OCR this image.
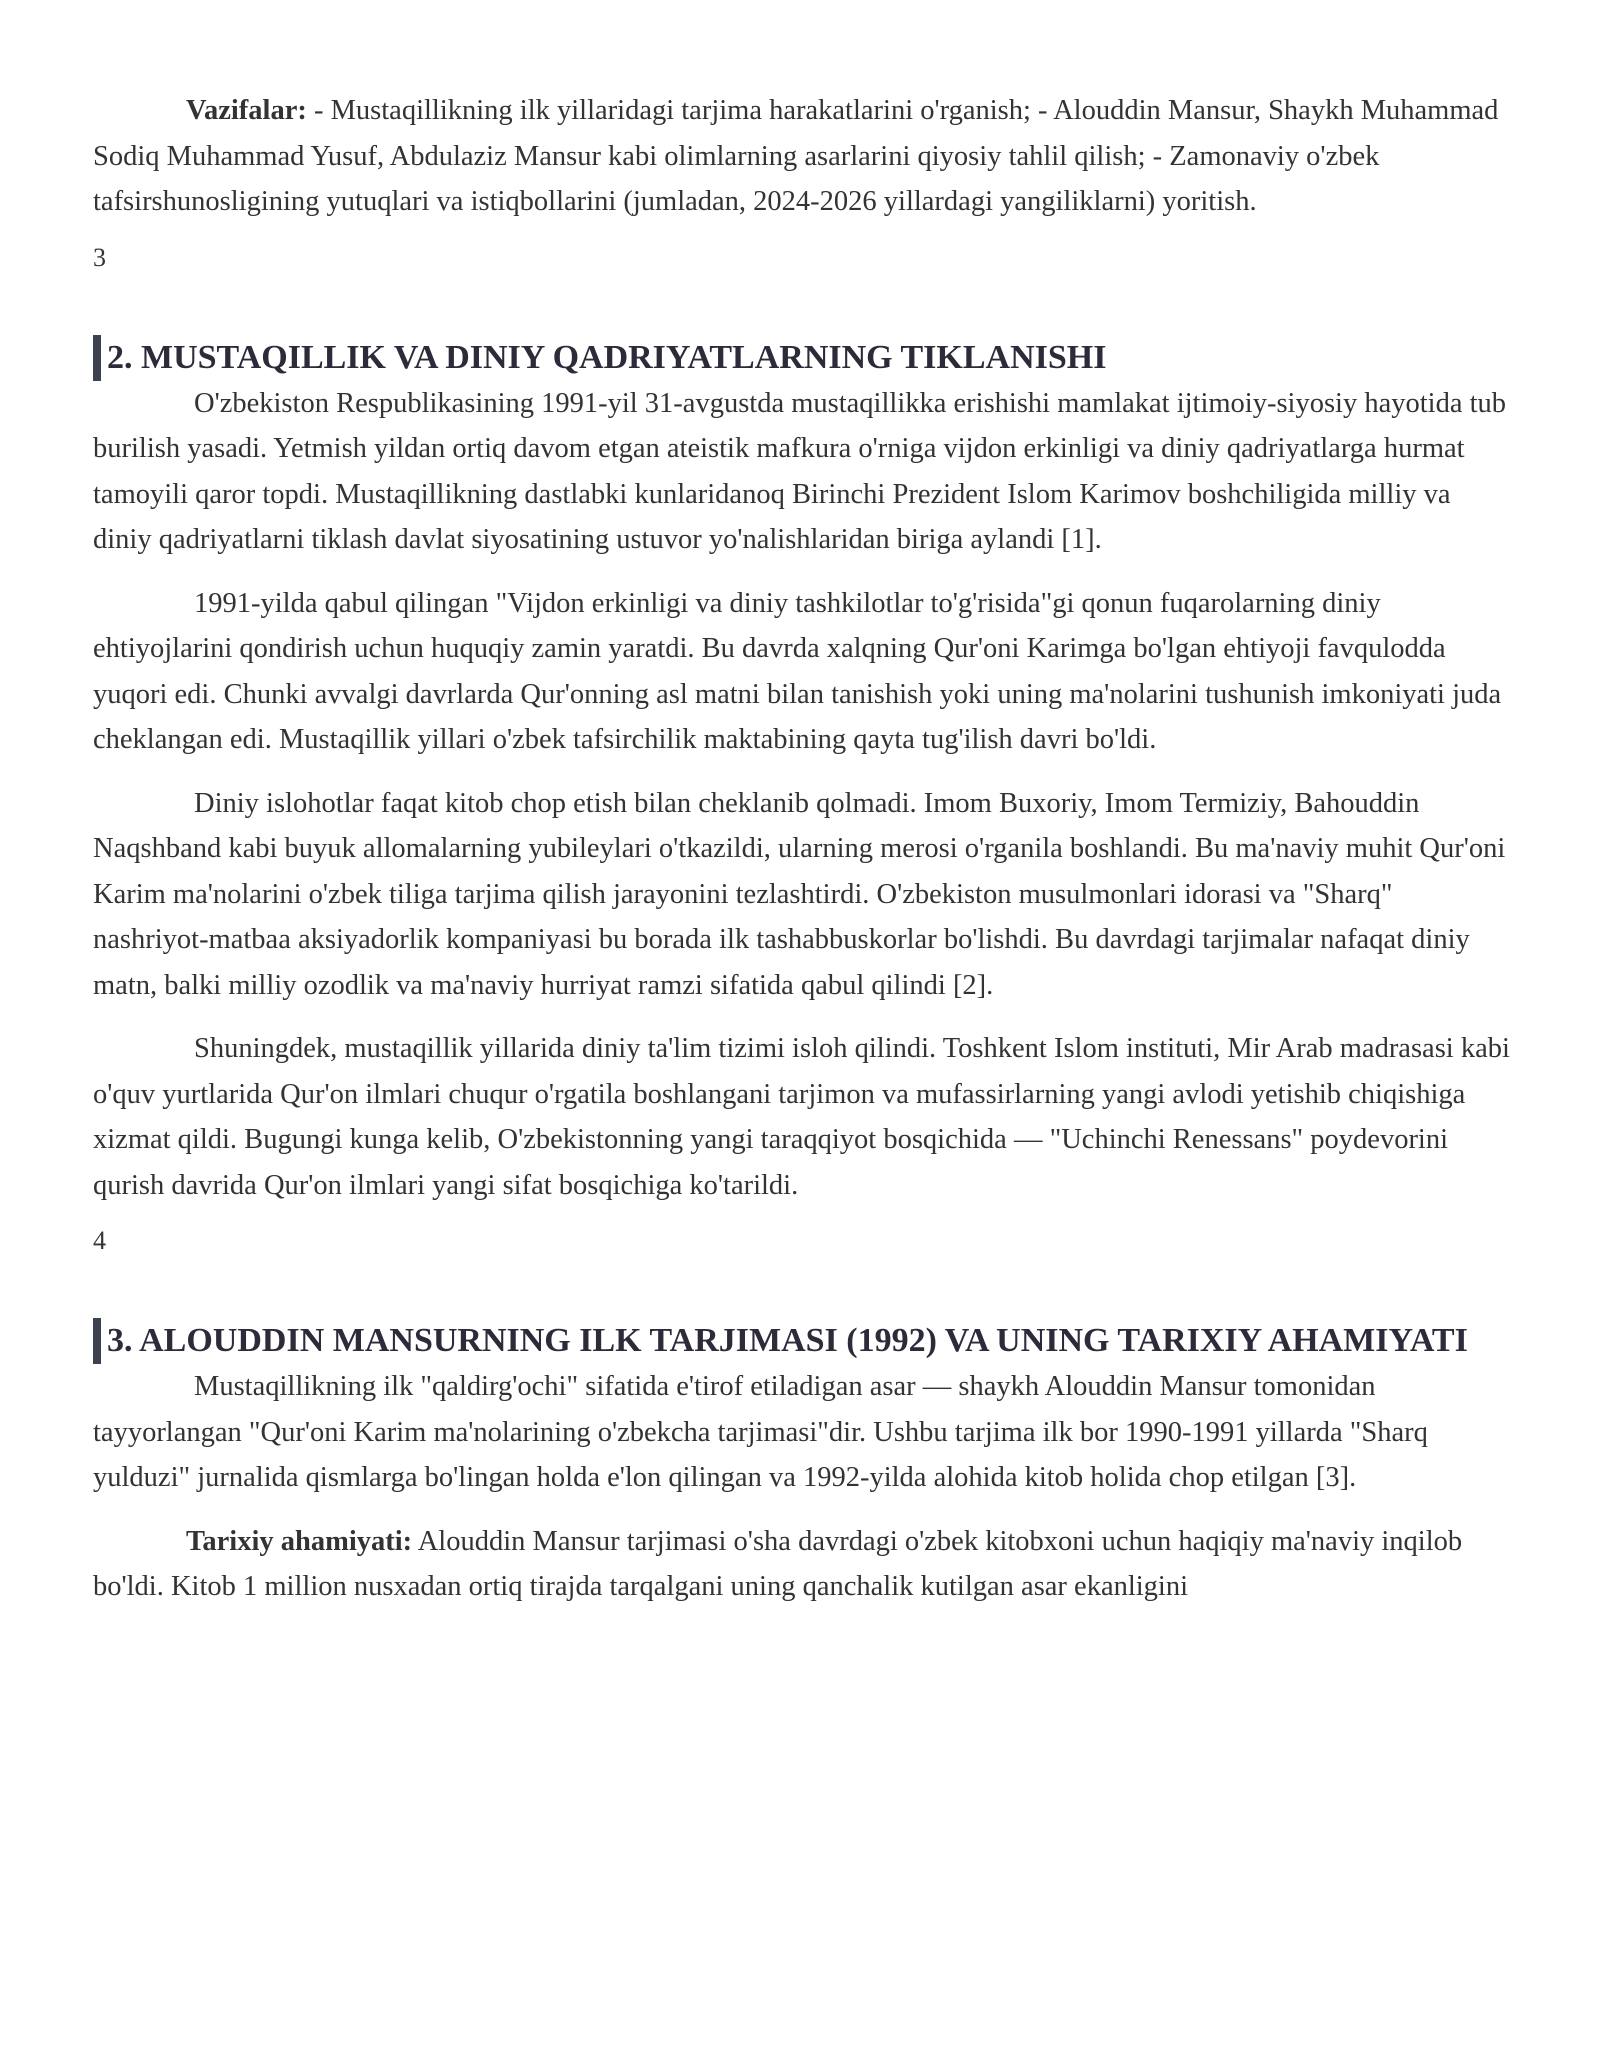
Vazifalar: - Mustaqillikning ilk yillaridagi tarjima harakatlarini o'rganish; - Alouddin Mansur, Shaykh Muhammad Sodiq Muhammad Yusuf, Abdulaziz Mansur kabi olimlarning asarlarini qiyosiy tahlil qilish; - Zamonaviy o'zbek tafsirshunosligining yutuqlari va istiqbollarini (jumladan, 2024-2026 yillardagi yangiliklarni) yoritish.

3
2. MUSTAQILLIK VA DINIY QADRIYATLARNING TIKLANISHI

O'zbekiston Respublikasining 1991-yil 31-avgustda mustaqillikka erishishi mamlakat ijtimoiy-siyosiy hayotida tub burilish yasadi. Yetmish yildan ortiq davom etgan ateistik mafkura o'rniga vijdon erkinligi va diniy qadriyatlarga hurmat tamoyili qaror topdi. Mustaqillikning dastlabki kunlaridanoq Birinchi Prezident Islom Karimov boshchiligida milliy va diniy qadriyatlarni tiklash davlat siyosatining ustuvor yo'nalishlaridan biriga aylandi [1].

1991-yilda qabul qilingan "Vijdon erkinligi va diniy tashkilotlar to'g'risida"gi qonun fuqarolarning diniy ehtiyojlarini qondirish uchun huquqiy zamin yaratdi. Bu davrda xalqning Qur'oni Karimga bo'lgan ehtiyoji favqulodda yuqori edi. Chunki avvalgi davrlarda Qur'onning asl matni bilan tanishish yoki uning ma'nolarini tushunish imkoniyati juda cheklangan edi. Mustaqillik yillari o'zbek tafsirchilik maktabining qayta tug'ilish davri bo'ldi.

Diniy islohotlar faqat kitob chop etish bilan cheklanib qolmadi. Imom Buxoriy, Imom Termiziy, Bahouddin Naqshband kabi buyuk allomalarning yubileylari o'tkazildi, ularning merosi o'rganila boshlandi. Bu ma'naviy muhit Qur'oni Karim ma'nolarini o'zbek tiliga tarjima qilish jarayonini tezlashtirdi. O'zbekiston musulmonlari idorasi va "Sharq" nashriyot-matbaa aksiyadorlik kompaniyasi bu borada ilk tashabbuskorlar bo'lishdi. Bu davrdagi tarjimalar nafaqat diniy matn, balki milliy ozodlik va ma'naviy hurriyat ramzi sifatida qabul qilindi [2].

Shuningdek, mustaqillik yillarida diniy ta'lim tizimi isloh qilindi. Toshkent Islom instituti, Mir Arab madrasasi kabi o'quv yurtlarida Qur'on ilmlari chuqur o'rgatila boshlangani tarjimon va mufassirlarning yangi avlodi yetishib chiqishiga xizmat qildi. Bugungi kunga kelib, O'zbekistonning yangi taraqqiyot bosqichida — "Uchinchi Renessans" poydevorini qurish davrida Qur'on ilmlari yangi sifat bosqichiga ko'tarildi.

4
3. ALOUDDIN MANSURNING ILK TARJIMASI (1992) VA UNING TARIXIY AHAMIYATI

Mustaqillikning ilk "qaldirg'ochi" sifatida e'tirof etiladigan asar — shaykh Alouddin Mansur tomonidan tayyorlangan "Qur'oni Karim ma'nolarining o'zbekcha tarjimasi"dir. Ushbu tarjima ilk bor 1990-1991 yillarda "Sharq yulduzi" jurnalida qismlarga bo'lingan holda e'lon qilingan va 1992-yilda alohida kitob holida chop etilgan [3].

Tarixiy ahamiyati: Alouddin Mansur tarjimasi o'sha davrdagi o'zbek kitobxoni uchun haqiqiy ma'naviy inqilob bo'ldi. Kitob 1 million nusxadan ortiq tirajda tarqalgani uning qanchalik kutilgan asar ekanligini
